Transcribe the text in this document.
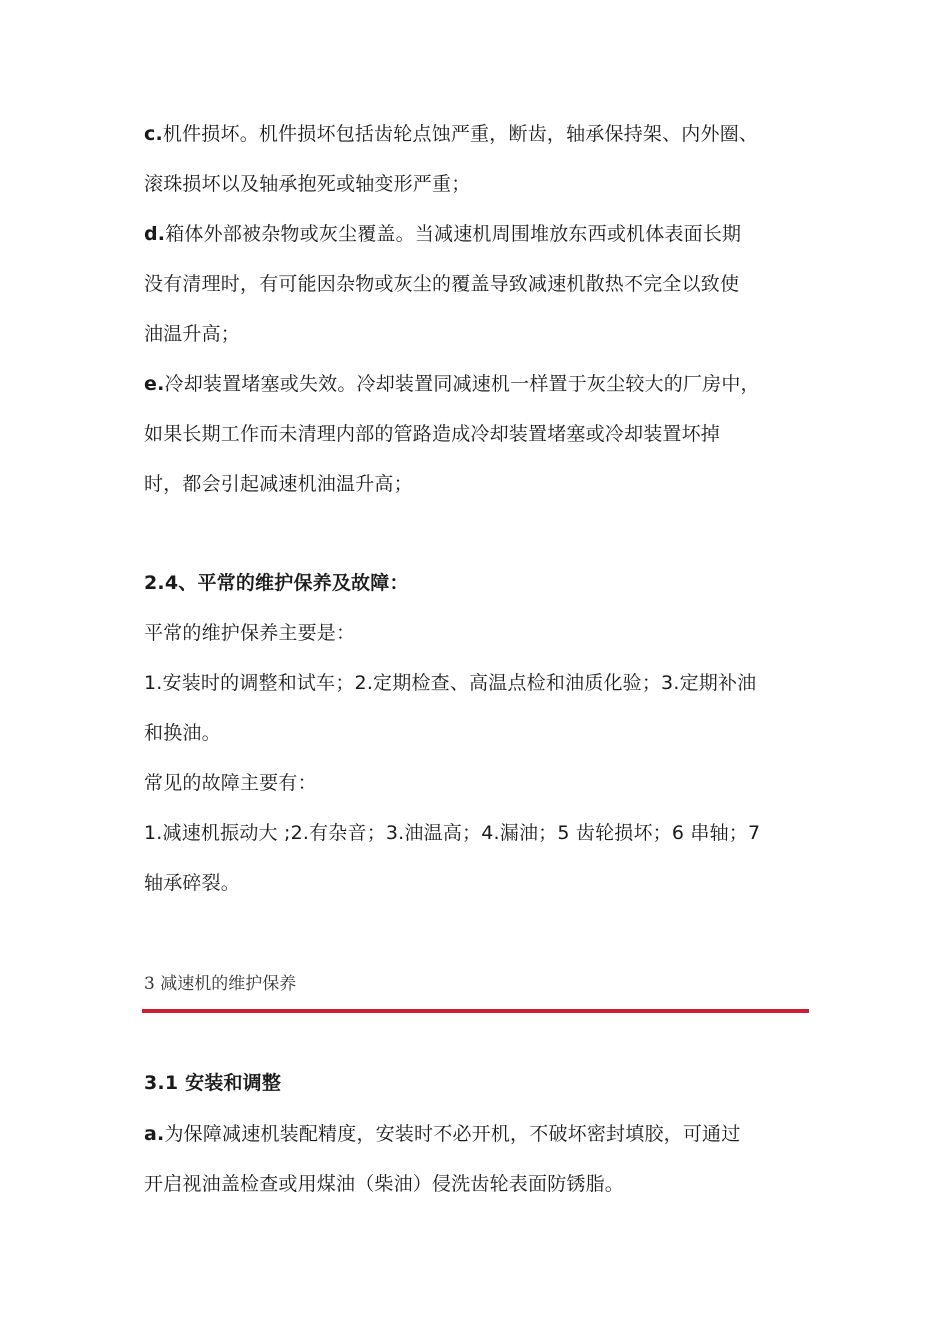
c.机件损坏。机件损坏包括齿轮点蚀严重，断齿，轴承保持架、内外圈、
滚珠损坏以及轴承抱死或轴变形严重；
d.箱体外部被杂物或灰尘覆盖。当减速机周围堆放东西或机体表面长期
没有清理时，有可能因杂物或灰尘的覆盖导致减速机散热不完全以致使
油温升高；
e.冷却装置堵塞或失效。冷却装置同减速机一样置于灰尘较大的厂房中，
如果长期工作而未清理内部的管路造成冷却装置堵塞或冷却装置坏掉
时，都会引起减速机油温升高；
2.4、平常的维护保养及故障：
平常的维护保养主要是：
1.安装时的调整和试车；2.定期检查、高温点检和油质化验；3.定期补油
和换油。
常见的故障主要有：
1.减速机振动大 ;2.有杂音；3.油温高；4.漏油；5 齿轮损坏；6 串轴；7
轴承碎裂。
3 减速机的维护保养
3.1 安装和调整
a.为保障减速机装配精度，安装时不必开机，不破坏密封填胶，可通过
开启视油盖检查或用煤油（柴油）侵洗齿轮表面防锈脂。
